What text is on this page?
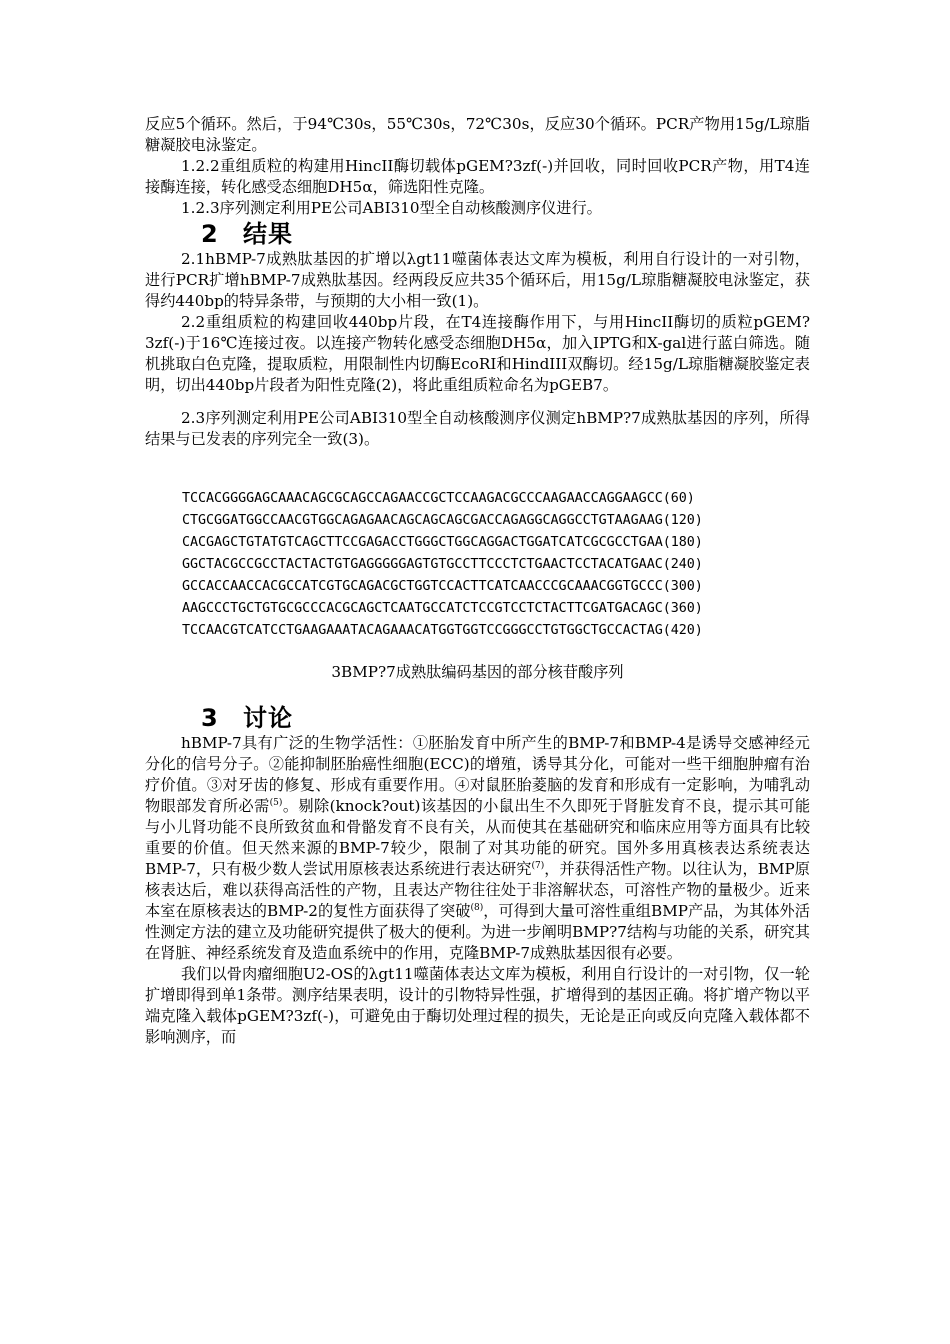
反应5个循环。然后，于94℃30s，55℃30s，72℃30s，反应30个循环。PCR产物用15g/L琼脂糖凝胶电泳鉴定。

1.2.2重组质粒的构建用HincII酶切载体pGEM?3zf(-)并回收，同时回收PCR产物，用T4连接酶连接，转化感受态细胞DH5α，筛选阳性克隆。

1.2.3序列测定利用PE公司ABI310型全自动核酸测序仪进行。

2 结果

2.1hBMP-7成熟肽基因的扩增以λgt11噬菌体表达文库为模板，利用自行设计的一对引物，进行PCR扩增hBMP-7成熟肽基因。经两段反应共35个循环后，用15g/L琼脂糖凝胶电泳鉴定，获得约440bp的特异条带，与预期的大小相一致(1)。

2.2重组质粒的构建回收440bp片段，在T4连接酶作用下，与用HincII酶切的质粒pGEM?3zf(-)于16℃连接过夜。以连接产物转化感受态细胞DH5α，加入IPTG和X-gal进行蓝白筛选。随机挑取白色克隆，提取质粒，用限制性内切酶EcoRI和HindIII双酶切。经15g/L琼脂糖凝胶鉴定表明，切出440bp片段者为阳性克隆(2)，将此重组质粒命名为pGEB7。

2.3序列测定利用PE公司ABI310型全自动核酸测序仪测定hBMP?7成熟肽基因的序列，所得结果与已发表的序列完全一致(3)。

TCCACGGGGAGCAAACAGCGCAGCCAGAACCGCTCCAAGACGCCCAAGAACCAGGAAGCC(60)
CTGCGGATGGCCAACGTGGCAGAGAACAGCAGCAGCGACCAGAGGCAGGCCTGTAAGAAG(120)
CACGAGCTGTATGTCAGCTTCCGAGACCTGGGCTGGCAGGACTGGATCATCGCGCCTGAA(180)
GGCTACGCCGCCTACTACTGTGAGGGGGAGTGTGCCTTCCCTCTGAACTCCTACATGAAC(240)
GCCACCAACCACGCCATCGTGCAGACGCTGGTCCACTTCATCAACCCGCAAACGGTGCCC(300)
AAGCCCTGCTGTGCGCCCACGCAGCTCAATGCCATCTCCGTCCTCTACTTCGATGACAGC(360)
TCCAACGTCATCCTGAAGAAATACAGAAACATGGTGGTCCGGGCCTGTGGCTGCCACTAG(420)

3BMP?7成熟肽编码基因的部分核苷酸序列

3 讨论

hBMP-7具有广泛的生物学活性：①胚胎发育中所产生的BMP-7和BMP-4是诱导交感神经元分化的信号分子。②能抑制胚胎癌性细胞(ECC)的增殖，诱导其分化，可能对一些干细胞肿瘤有治疗价值。③对牙齿的修复、形成有重要作用。④对鼠胚胎菱脑的发育和形成有一定影响，为哺乳动物眼部发育所必需$^{(5)}$。剔除(knock?out)该基因的小鼠出生不久即死于肾脏发育不良，提示其可能与小儿肾功能不良所致贫血和骨骼发育不良有关，从而使其在基础研究和临床应用等方面具有比较重要的价值。但天然来源的BMP-7较少，限制了对其功能的研究。国外多用真核表达系统表达BMP-7，只有极少数人尝试用原核表达系统进行表达研究$^{(7)}$，并获得活性产物。以往认为，BMP原核表达后，难以获得高活性的产物，且表达产物往往处于非溶解状态，可溶性产物的量极少。近来本室在原核表达的BMP-2的复性方面获得了突破$^{(8)}$，可得到大量可溶性重组BMP产品，为其体外活性测定方法的建立及功能研究提供了极大的便利。为进一步阐明BMP?7结构与功能的关系，研究其在肾脏、神经系统发育及造血系统中的作用，克隆BMP-7成熟肽基因很有必要。

我们以骨肉瘤细胞U2-OS的λgt11噬菌体表达文库为模板，利用自行设计的一对引物，仅一轮扩增即得到单1条带。测序结果表明，设计的引物特异性强，扩增得到的基因正确。将扩增产物以平端克隆入载体pGEM?3zf(-)，可避免由于酶切处理过程的损失，无论是正向或反向克隆入载体都不影响测序，而
